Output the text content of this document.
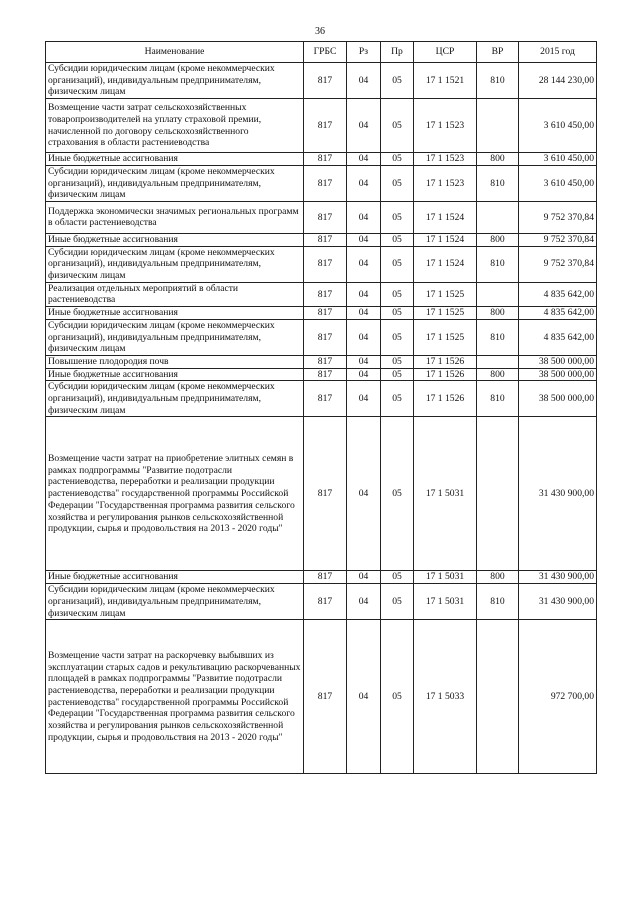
36
Наименование	ГРБС	Рз	Пр	ЦСР	ВР	2015 год
Субсидии юридическим лицам (кроме некоммерческих организаций), индивидуальным предпринимателям, физическим лицам	817	04	05	17 1 1521	810	28 144 230,00
Возмещение части затрат сельскохозяйственных товаропроизводителей на уплату страховой премии, начисленной по договору сельскохозяйственного страхования в области растениеводства	817	04	05	17 1 1523		3 610 450,00
Иные бюджетные ассигнования	817	04	05	17 1 1523	800	3 610 450,00
Субсидии юридическим лицам (кроме некоммерческих организаций), индивидуальным предпринимателям, физическим лицам	817	04	05	17 1 1523	810	3 610 450,00
Поддержка экономически значимых региональных программ в области растениеводства	817	04	05	17 1 1524		9 752 370,84
Иные бюджетные ассигнования	817	04	05	17 1 1524	800	9 752 370,84
Субсидии юридическим лицам (кроме некоммерческих организаций), индивидуальным предпринимателям, физическим лицам	817	04	05	17 1 1524	810	9 752 370,84
Реализация отдельных мероприятий в области растениеводства	817	04	05	17 1 1525		4 835 642,00
Иные бюджетные ассигнования	817	04	05	17 1 1525	800	4 835 642,00
Субсидии юридическим лицам (кроме некоммерческих организаций), индивидуальным предпринимателям, физическим лицам	817	04	05	17 1 1525	810	4 835 642,00
Повышение плодородия почв	817	04	05	17 1 1526		38 500 000,00
Иные бюджетные ассигнования	817	04	05	17 1 1526	800	38 500 000,00
Субсидии юридическим лицам (кроме некоммерческих организаций), индивидуальным предпринимателям, физическим лицам	817	04	05	17 1 1526	810	38 500 000,00
Возмещение части затрат на приобретение элитных семян в рамках подпрограммы "Развитие подотрасли растениеводства, переработки и реализации продукции растениеводства" государственной программы Российской Федерации "Государственная программа развития сельского хозяйства и регулирования рынков сельскохозяйственной продукции, сырья и продовольствия на 2013 - 2020 годы"	817	04	05	17 1 5031		31 430 900,00
Иные бюджетные ассигнования	817	04	05	17 1 5031	800	31 430 900,00
Субсидии юридическим лицам (кроме некоммерческих организаций), индивидуальным предпринимателям, физическим лицам	817	04	05	17 1 5031	810	31 430 900,00
Возмещение части затрат на раскорчевку выбывших из эксплуатации старых садов и рекультивацию раскорчеванных площадей в рамках подпрограммы "Развитие подотрасли растениеводства, переработки и реализации продукции растениеводства" государственной программы Российской Федерации "Государственная программа развития сельского хозяйства и регулирования рынков сельскохозяйственной продукции, сырья и продовольствия на 2013 - 2020 годы"	817	04	05	17 1 5033		972 700,00
